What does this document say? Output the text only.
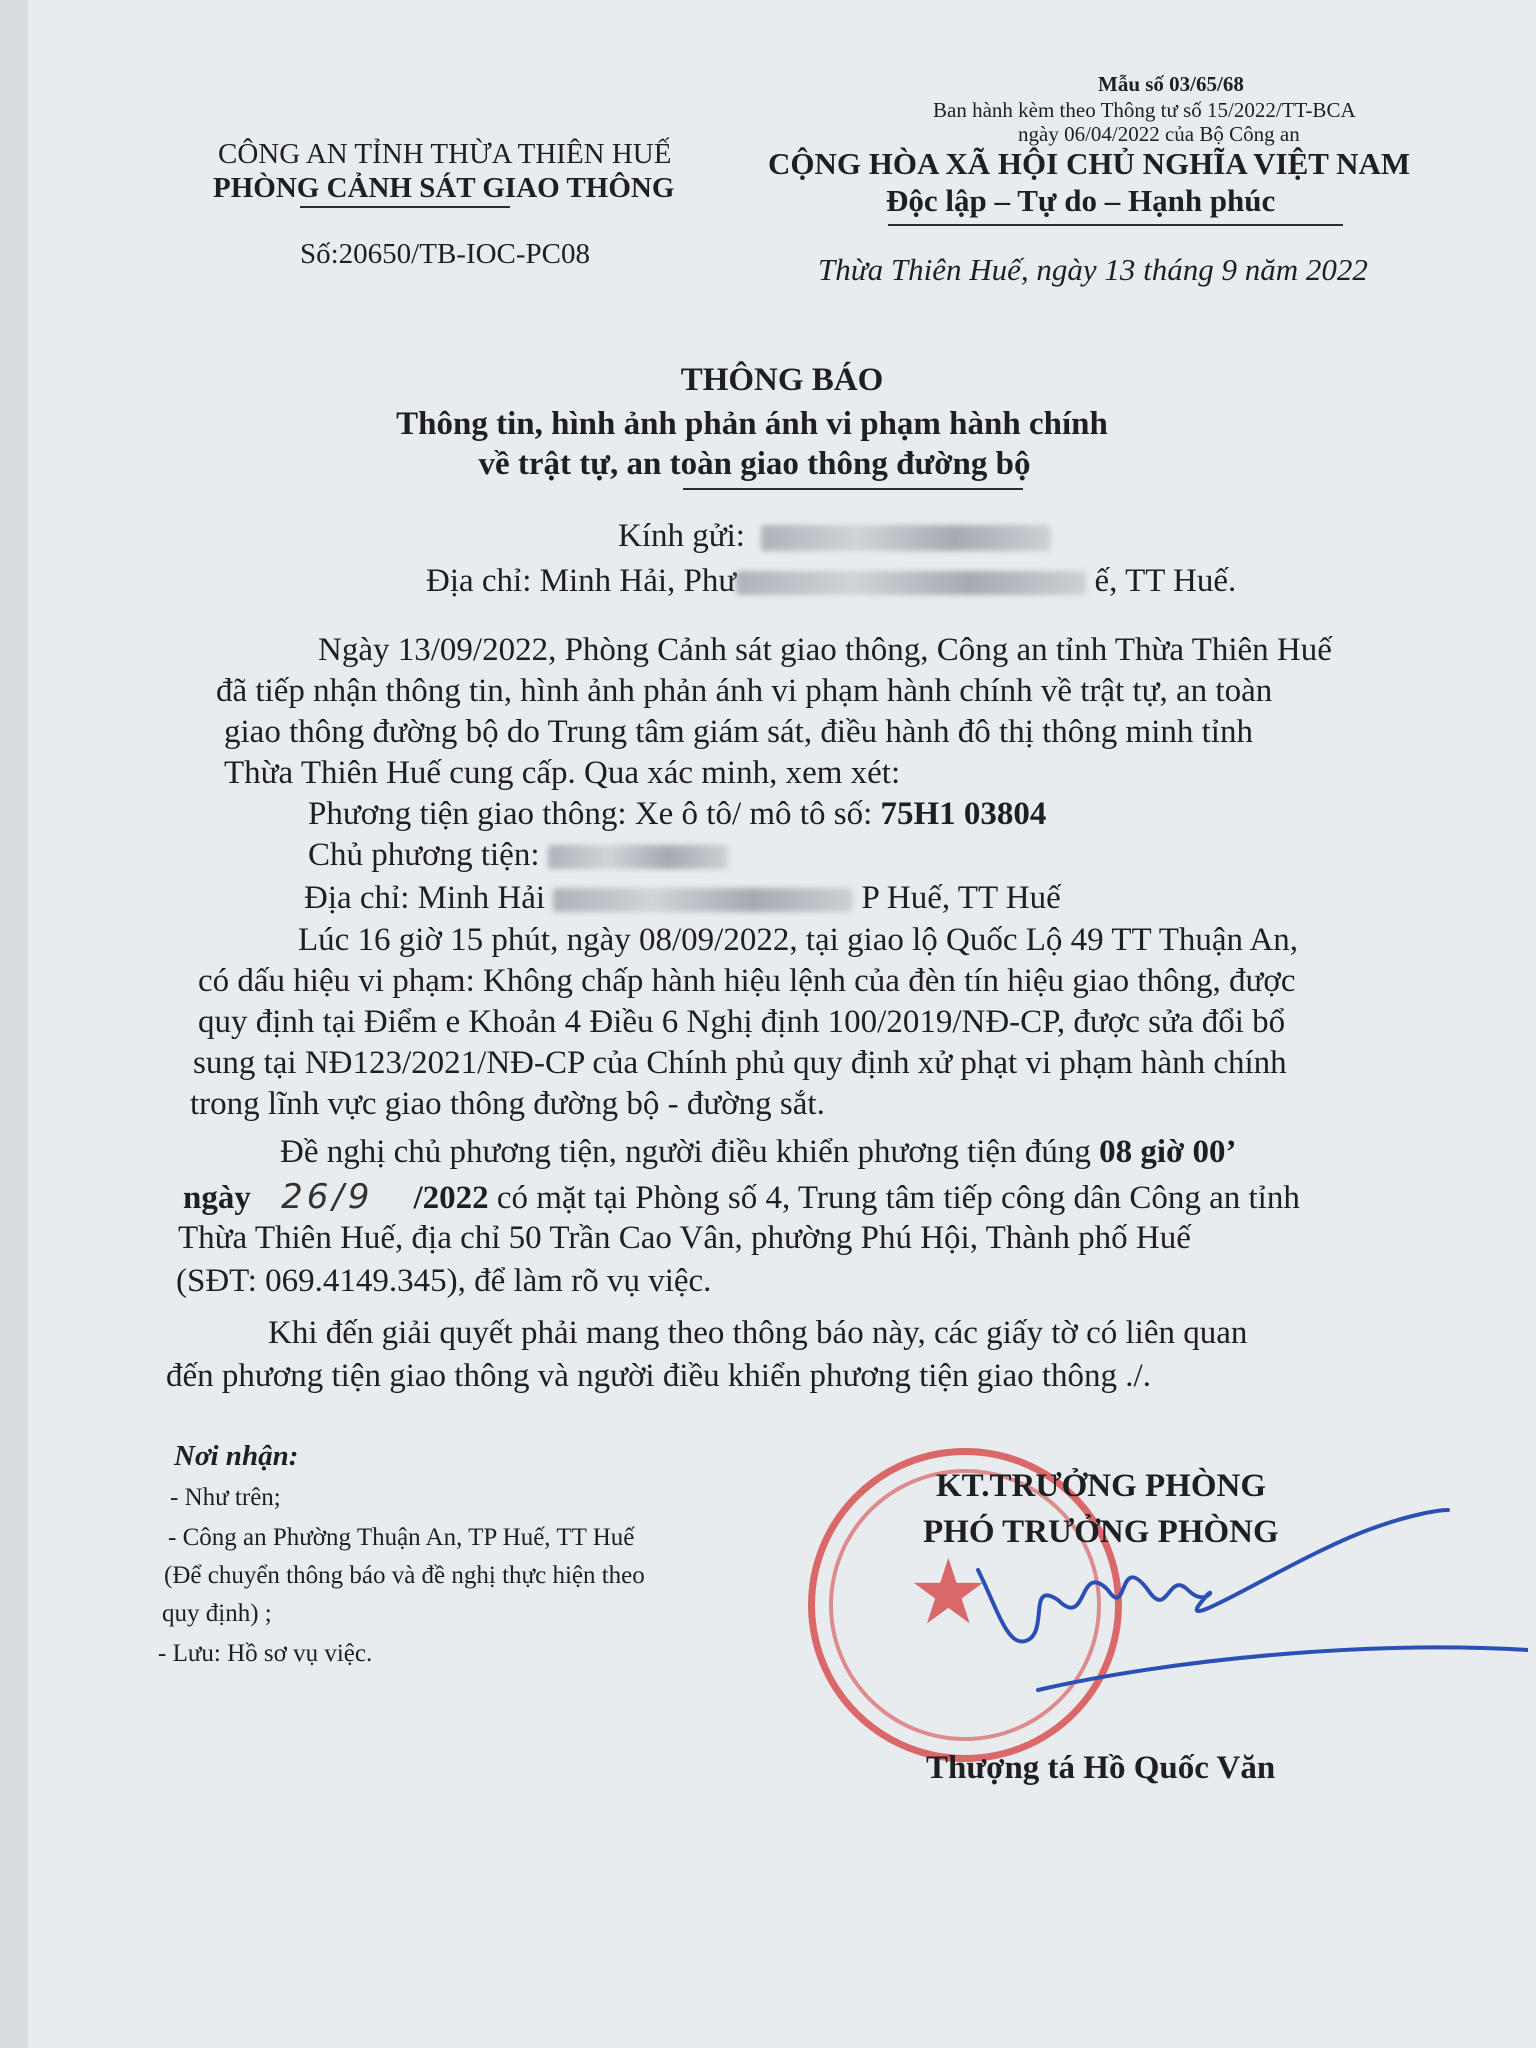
Mẫu số 03/65/68
Ban hành kèm theo Thông tư số 15/2022/TT-BCA
ngày 06/04/2022 của Bộ Công an
CỘNG HÒA XÃ HỘI CHỦ NGHĨA VIỆT NAM
Độc lập – Tự do – Hạnh phúc
Thừa Thiên Huế, ngày 13 tháng 9 năm 2022
CÔNG AN TỈNH THỪA THIÊN HUẾ
PHÒNG CẢNH SÁT GIAO THÔNG
Số:20650/TB-IOC-PC08
THÔNG BÁO
Thông tin, hình ảnh phản ánh vi phạm hành chính
về trật tự, an toàn giao thông đường bộ
Kính gửi:
Địa chỉ: Minh Hải, Phư	ế, TT Huế.
Ngày 13/09/2022, Phòng Cảnh sát giao thông, Công an tỉnh Thừa Thiên Huế
đã tiếp nhận thông tin, hình ảnh phản ánh vi phạm hành chính về trật tự, an toàn
giao thông đường bộ do Trung tâm giám sát, điều hành đô thị thông minh tỉnh
Thừa Thiên Huế cung cấp. Qua xác minh, xem xét:
Phương tiện giao thông: Xe ô tô/ mô tô số: 75H1 03804
Chủ phương tiện:
Địa chỉ: Minh Hải	P Huế, TT Huế
Lúc 16 giờ 15 phút, ngày 08/09/2022, tại giao lộ Quốc Lộ 49 TT Thuận An,
có dấu hiệu vi phạm: Không chấp hành hiệu lệnh của đèn tín hiệu giao thông, được
quy định tại Điểm e Khoản 4 Điều 6 Nghị định 100/2019/NĐ-CP, được sửa đổi bổ
sung tại NĐ123/2021/NĐ-CP của Chính phủ quy định xử phạt vi phạm hành chính
trong lĩnh vực giao thông đường bộ - đường sắt.
Đề nghị chủ phương tiện, người điều khiển phương tiện đúng 08 giờ 00’
ngày 26/9 /2022 có mặt tại Phòng số 4, Trung tâm tiếp công dân Công an tỉnh
Thừa Thiên Huế, địa chỉ 50 Trần Cao Vân, phường Phú Hội, Thành phố Huế
(SĐT: 069.4149.345), để làm rõ vụ việc.
Khi đến giải quyết phải mang theo thông báo này, các giấy tờ có liên quan
đến phương tiện giao thông và người điều khiển phương tiện giao thông ./.
Nơi nhận:
- Như trên;
- Công an Phường Thuận An, TP Huế, TT Huế
(Để chuyển thông báo và đề nghị thực hiện theo
quy định) ;
- Lưu: Hồ sơ vụ việc.
★
KT.TRƯỞNG PHÒNG
PHÓ TRƯỞNG PHÒNG
Thượng tá Hồ Quốc Văn
